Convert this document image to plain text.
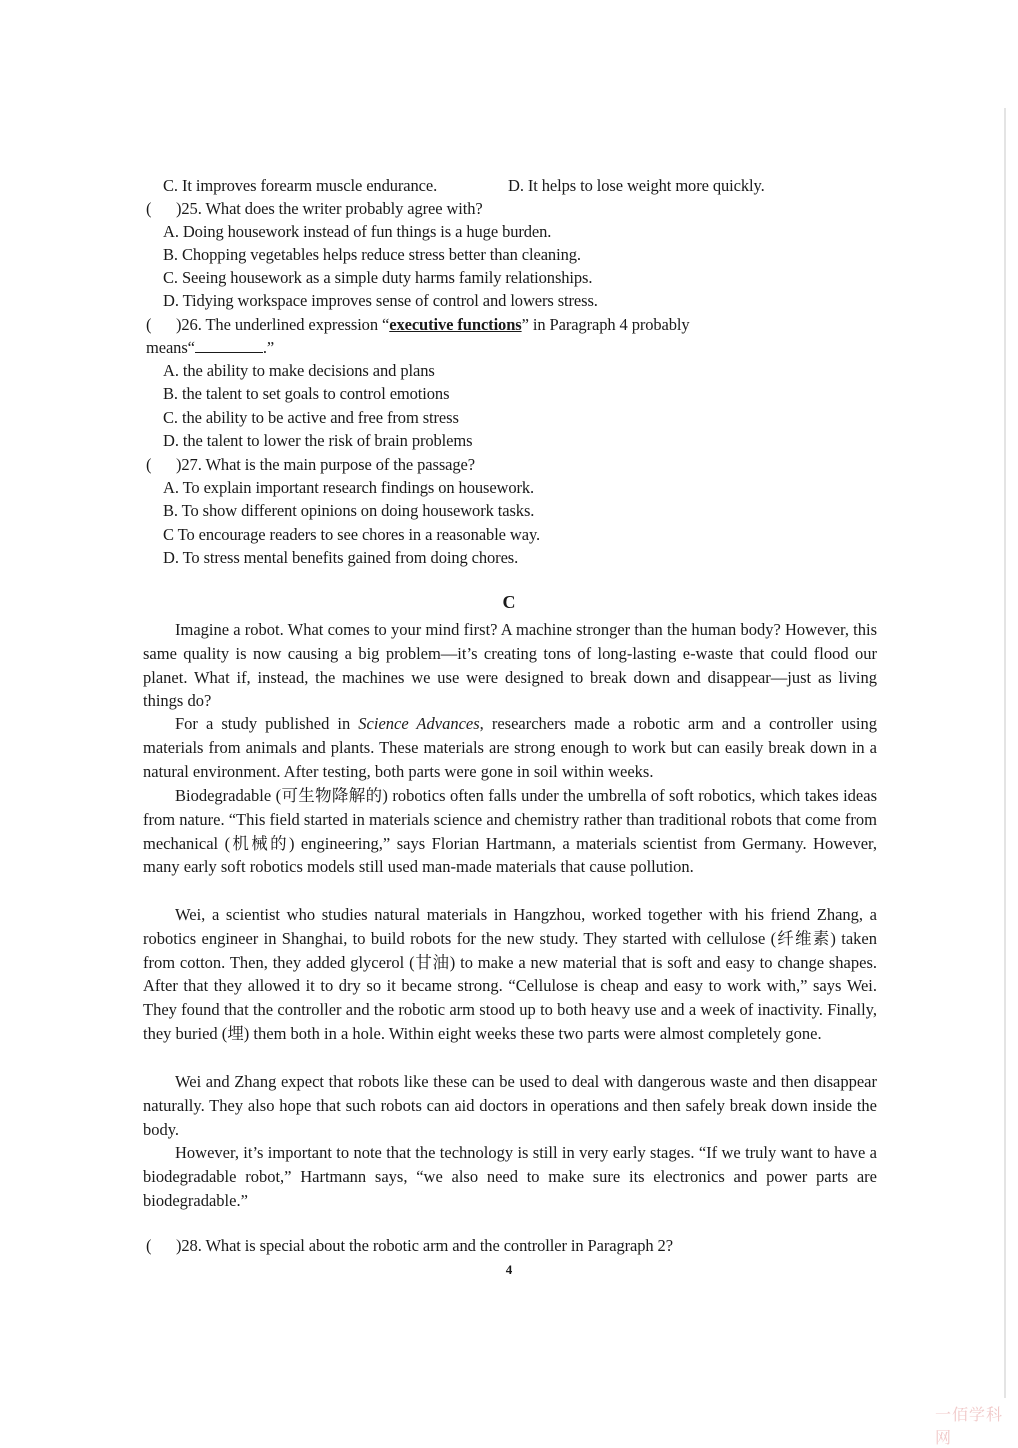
C. It improves forearm muscle endurance.	D. It helps to lose weight more quickly.
( )25. What does the writer probably agree with?
A. Doing housework instead of fun things is a huge burden.
B. Chopping vegetables helps reduce stress better than cleaning.
C. Seeing housework as a simple duty harms family relationships.
D. Tidying workspace improves sense of control and lowers stress.
( )26. The underlined expression “executive functions” in Paragraph 4 probably
means“	.”
A. the ability to make decisions and plans
B. the talent to set goals to control emotions
C. the ability to be active and free from stress
D. the talent to lower the risk of brain problems
( )27. What is the main purpose of the passage?
A. To explain important research findings on housework.
B. To show different opinions on doing housework tasks.
C To encourage readers to see chores in a reasonable way.
D. To stress mental benefits gained from doing chores.
C
Imagine a robot. What comes to your mind first? A machine stronger than the human body? However, this same quality is now causing a big problem—it’s creating tons of long-lasting e-waste that could flood our planet. What if, instead, the machines we use were designed to break down and disappear—just as living things do?
For a study published in Science Advances, researchers made a robotic arm and a controller using materials from animals and plants. These materials are strong enough to work but can easily break down in a natural environment. After testing, both parts were gone in soil within weeks.
Biodegradable (可生物降解的) robotics often falls under the umbrella of soft robotics, which takes ideas from nature. “This field started in materials science and chemistry rather than traditional robots that come from mechanical (机械的) engineering,” says Florian Hartmann, a materials scientist from Germany. However, many early soft robotics models still used man-made materials that cause pollution.
Wei, a scientist who studies natural materials in Hangzhou, worked together with his friend Zhang, a robotics engineer in Shanghai, to build robots for the new study. They started with cellulose (纤维素) taken from cotton. Then, they added glycerol (甘油) to make a new material that is soft and easy to change shapes. After that they allowed it to dry so it became strong. “Cellulose is cheap and easy to work with,” says Wei. They found that the controller and the robotic arm stood up to both heavy use and a week of inactivity. Finally, they buried (埋) them both in a hole. Within eight weeks these two parts were almost completely gone.
Wei and Zhang expect that robots like these can be used to deal with dangerous waste and then disappear naturally. They also hope that such robots can aid doctors in operations and then safely break down inside the body.
However, it’s important to note that the technology is still in very early stages. “If we truly want to have a biodegradable robot,” Hartmann says, “we also need to make sure its electronics and power parts are biodegradable.”
( )28. What is special about the robotic arm and the controller in Paragraph 2?
4
一佰学科网
